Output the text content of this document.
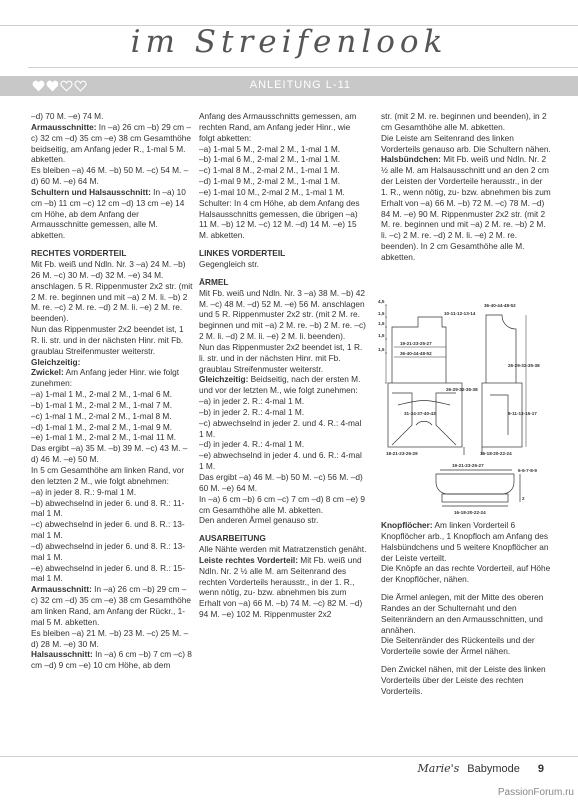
im Streifenlook
ANLEITUNG L-11
–d) 70 M. –e) 74 M.
Armausschnitte: In –a) 26 cm –b) 29 cm –c) 32 cm –d) 35 cm –e) 38 cm Gesamthöhe beidseitig, am Anfang jeder R., 1-mal 5 M. abketten.
Es bleiben –a) 46 M. –b) 50 M. –c) 54 M. –d) 60 M. –e) 64 M.
Schultern und Halsausschnitt: In –a) 10 cm –b) 11 cm –c) 12 cm –d) 13 cm –e) 14 cm Höhe, ab dem Anfang der Armausschnitte gemessen, alle M. abketten.
RECHTES VORDERTEIL
Mit Fb. weiß und Ndln. Nr. 3 –a) 24 M. –b) 26 M. –c) 30 M. –d) 32 M. –e) 34 M. anschlagen. 5 R. Rippenmuster 2x2 str. (mit 2 M. re. beginnen und mit –a) 2 M. li. –b) 2 M. re. –c) 2 M. re. –d) 2 M. li. –e) 2 M. re. beenden).
Nun das Rippenmuster 2x2 beendet ist, 1 R. li. str. und in der nächsten Hinr. mit Fb. graublau Streifenmuster weiterstr.
Gleichzeitig:
Zwickel: Am Anfang jeder Hinr. wie folgt zunehmen:
–a) 1-mal 1 M., 2-mal 2 M., 1-mal 6 M.
–b) 1-mal 1 M., 2-mal 2 M., 1-mal 7 M.
–c) 1-mal 1 M., 2-mal 2 M., 1-mal 8 M.
–d) 1-mal 1 M., 2-mal 2 M., 1-mal 9 M.
–e) 1-mal 1 M., 2-mal 2 M., 1-mal 11 M.
Das ergibt –a) 35 M. –b) 39 M. –c) 43 M. –d) 46 M. –e) 50 M.
In 5 cm Gesamthöhe am linken Rand, vor den letzten 2 M., wie folgt abnehmen:
–a) in jeder 8. R.: 9-mal 1 M.
–b) abwechselnd in jeder 6. und 8. R.: 11-mal 1 M.
–c) abwechselnd in jeder 6. und 8. R.: 13-mal 1 M.
–d) abwechselnd in jeder 6. und 8. R.: 13-mal 1 M.
–e) abwechselnd in jeder 6. und 8. R.: 15-mal 1 M.
Armausschnitt: In –a) 26 cm –b) 29 cm –c) 32 cm –d) 35 cm –e) 38 cm Gesamthöhe am linken Rand, am Anfang der Rückr., 1-mal 5 M. abketten.
Es bleiben –a) 21 M. –b) 23 M. –c) 25 M. –d) 28 M. –e) 30 M.
Halsausschnitt: In –a) 6 cm –b) 7 cm –c) 8 cm –d) 9 cm –e) 10 cm Höhe, ab dem
Anfang des Armausschnitts gemessen, am rechten Rand, am Anfang jeder Hinr., wie folgt abketten:
–a) 1-mal 5 M., 2-mal 2 M., 1-mal 1 M.
–b) 1-mal 6 M., 2-mal 2 M., 1-mal 1 M.
–c) 1-mal 8 M., 2-mal 2 M., 1-mal 1 M.
–d) 1-mal 9 M., 2-mal 2 M., 1-mal 1 M.
–e) 1-mal 10 M., 2-mal 2 M., 1-mal 1 M.
Schulter: In 4 cm Höhe, ab dem Anfang des Halsausschnitts gemessen, die übrigen –a) 11 M. –b) 12 M. –c) 12 M. –d) 14 M. –e) 15 M. abketten.
LINKES VORDERTEIL
Gegengleich str.
ÄRMEL
Mit Fb. weiß und Ndln. Nr. 3 –a) 38 M. –b) 42 M. –c) 48 M. –d) 52 M. –e) 56 M. anschlagen und 5 R. Rippenmuster 2x2 str. (mit 2 M. re. beginnen und mit –a) 2 M. re. –b) 2 M. re. –c) 2 M. li. –d) 2 M. li. –e) 2 M. li. beenden).
Nun das Rippenmuster 2x2 beendet ist, 1 R. li. str. und in der nächsten Hinr. mit Fb. graublau Streifenmuster weiterstr.
Gleichzeitig: Beidseitig, nach der ersten M. und vor der letzten M., wie folgt zunehmen:
–a) in jeder 2. R.: 4-mal 1 M.
–b) in jeder 2. R.: 4-mal 1 M.
–c) abwechselnd in jeder 2. und 4. R.: 4-mal 1 M.
–d) in jeder 4. R.: 4-mal 1 M.
–e) abwechselnd in jeder 4. und 6. R.: 4-mal 1 M.
Das ergibt –a) 46 M. –b) 50 M. –c) 56 M. –d) 60 M. –e) 64 M.
In –a) 6 cm –b) 6 cm –c) 7 cm –d) 8 cm –e) 9 cm Gesamthöhe alle M. abketten.
Den anderen Ärmel genauso str.
AUSARBEITUNG
Alle Nähte werden mit Matratzenstich genäht.
Leiste rechtes Vorderteil: Mit Fb. weiß und Ndln. Nr. 2 ½ alle M. am Seitenrand des rechten Vorderteils herausstr., in der 1. R., wenn nötig, zu- bzw. abnehmen bis zum Erhalt von –a) 66 M. –b) 74 M. –c) 82 M. –d) 94 M. –e) 102 M. Rippenmuster 2x2
str. (mit 2 M. re. beginnen und beenden), in 2 cm Gesamthöhe alle M. abketten.
Die Leiste am Seitenrand des linken Vorderteils genauso arb. Die Schultern nähen.
Halsbündchen: Mit Fb. weiß und Ndln. Nr. 2 ½ alle M. am Halsausschnitt und an den 2 cm der Leisten der Vorderteile herausstr., in der 1. R., wenn nötig, zu- bzw. abnehmen bis zum Erhalt von –a) 66 M. –b) 72 M. –c) 78 M. –d) 84 M. –e) 90 M. Rippenmuster 2x2 str. (mit 2 M. re. beginnen und mit –a) 2 M. re. –b) 2 M. li. –c) 2 M. re. –d) 2 M. li. –e) 2 M. re. beenden). In 2 cm Gesamthöhe alle M. abketten.
4,5
1,5
1,5
1,5
1,5
19-21-23-25-27
36-40-44-48-52
26-29-32-35-38
31-34-37-40-43
18-21-23-26-29
10-11-12-13-14
36-40-44-48-52
26-29-32-35-38
9-11-13-15-17
16-18-20-22-24
19-21-23-25-27
6-6-7-8-9
2
16-18-20-22-24
Knopflöcher: Am linken Vorderteil 6 Knopflöcher arb., 1 Knopfloch am Anfang des Halsbündchens und 5 weitere Knopflöcher an der Leiste verteilt.
Die Knöpfe an das rechte Vorderteil, auf Höhe der Knopflöcher, nähen.
Die Ärmel anlegen, mit der Mitte des oberen Randes an der Schulternaht und den Seitenrändern an den Armausschnitten, und annähen.
Die Seitenränder des Rückenteils und der Vorderteile sowie der Ärmel nähen.
Den Zwickel nähen, mit der Leiste des linken Vorderteils über der Leiste des rechten Vorderteils.
Marie's Babymode 9
PassionForum.ru
